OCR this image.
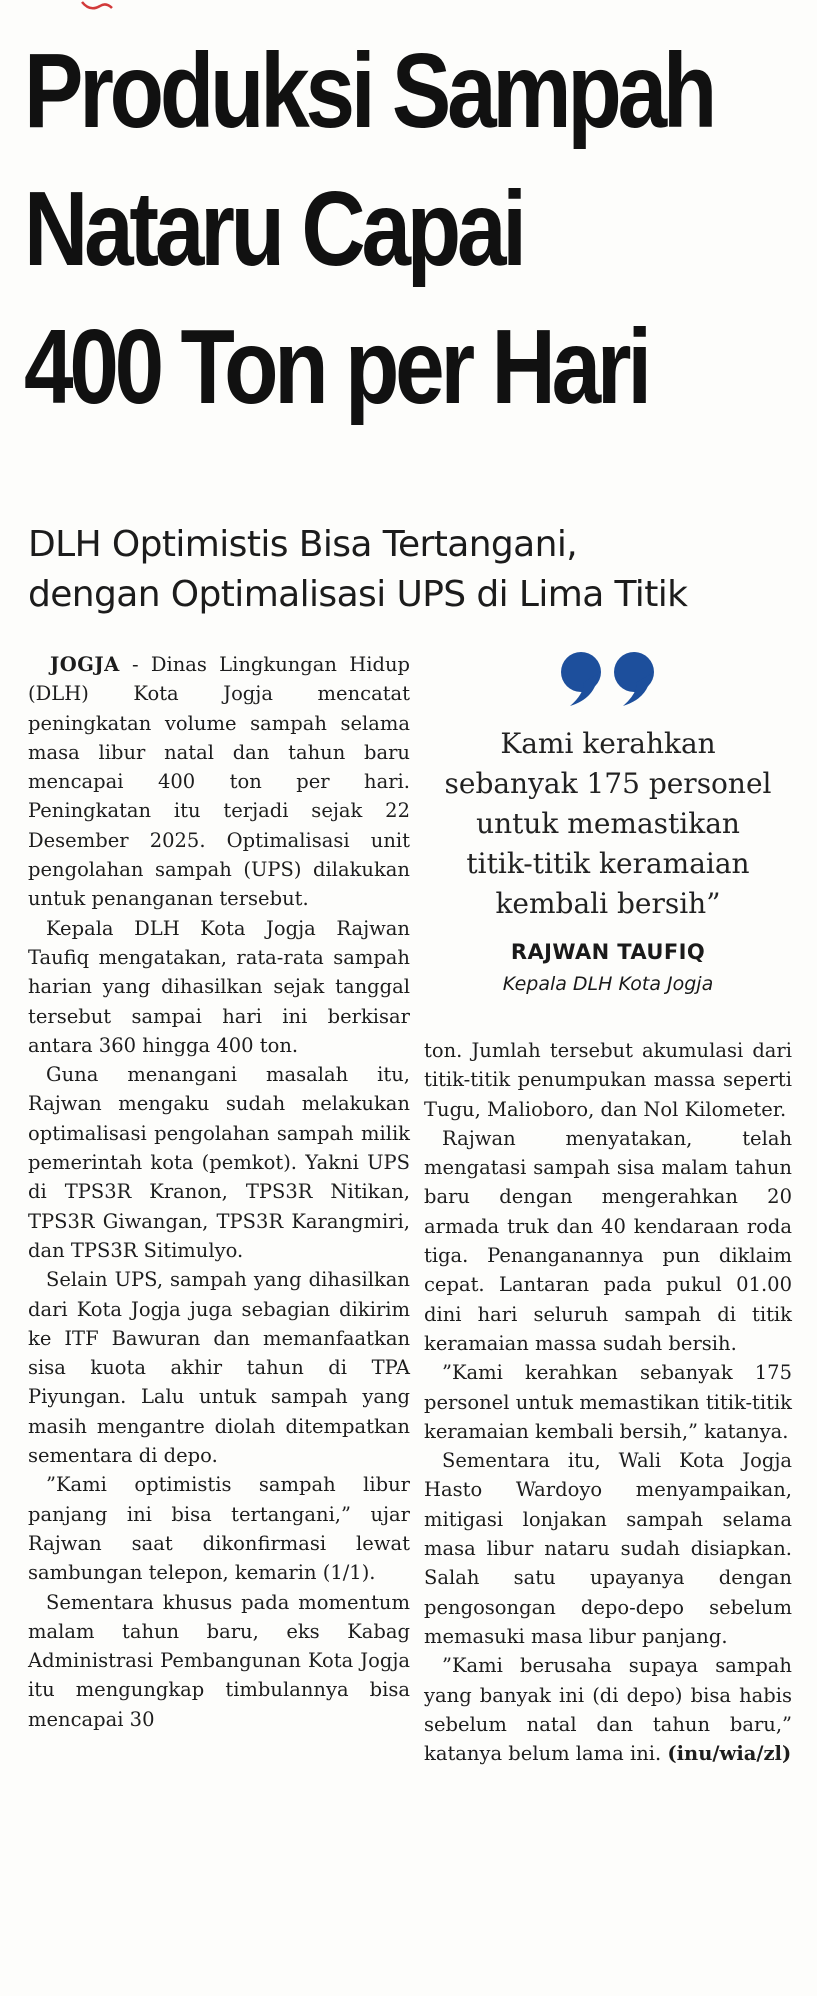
Produksi Sampah
Nataru Capai
400 Ton per Hari
DLH Optimistis Bisa Tertangani,
dengan Optimalisasi UPS di Lima Titik

JOGJA - Dinas Lingkungan Hidup (DLH) Kota Jogja mencatat peningkatan volume sampah selama masa libur natal dan tahun baru mencapai 400 ton per hari. Peningkatan itu terjadi sejak 22 Desember 2025. Optimalisasi unit pengolahan sampah (UPS) dilakukan untuk penanganan tersebut.

Kepala DLH Kota Jogja Rajwan Taufiq mengatakan, rata-rata sampah harian yang dihasilkan sejak tanggal tersebut sampai hari ini berkisar antara 360 hingga 400 ton.

Guna menangani masalah itu, Rajwan mengaku sudah melakukan optimalisasi pengolahan sampah milik pemerintah kota (pemkot). Yakni UPS di TPS3R Kranon, TPS3R Nitikan, TPS3R Giwangan, TPS3R Karangmiri, dan TPS3R Sitimulyo.

Selain UPS, sampah yang dihasilkan dari Kota Jogja juga sebagian dikirim ke ITF Bawuran dan memanfaatkan sisa kuota akhir tahun di TPA Piyungan. Lalu untuk sampah yang masih mengantre diolah ditempatkan sementara di depo.

”Kami optimistis sampah libur panjang ini bisa tertangani,” ujar Rajwan saat dikonfirmasi lewat sambungan telepon, kemarin (1/1).

Sementara khusus pada momentum malam tahun baru, eks Kabag Administrasi Pembangunan Kota Jogja itu mengungkap timbulannya bisa mencapai 30

Kami kerahkan
sebanyak 175 personel
untuk memastikan
titik-titik keramaian
kembali bersih”
RAJWAN TAUFIQ
Kepala DLH Kota Jogja

ton. Jumlah tersebut akumulasi dari titik-titik penumpukan massa seperti Tugu, Malioboro, dan Nol Kilometer.

Rajwan menyatakan, telah mengatasi sampah sisa malam tahun baru dengan mengerahkan 20 armada truk dan 40 kendaraan roda tiga. Penanganannya pun diklaim cepat. Lantaran pada pukul 01.00 dini hari seluruh sampah di titik keramaian massa sudah bersih.

”Kami kerahkan sebanyak 175 personel untuk memastikan titik-titik keramaian kembali bersih,” katanya.

Sementara itu, Wali Kota Jogja Hasto Wardoyo menyampaikan, mitigasi lonjakan sampah selama masa libur nataru sudah disiapkan. Salah satu upayanya dengan pengosongan depo-depo sebelum memasuki masa libur panjang.

”Kami berusaha supaya sampah yang banyak ini (di depo) bisa habis sebelum natal dan tahun baru,” katanya belum lama ini. (inu/wia/zl)
